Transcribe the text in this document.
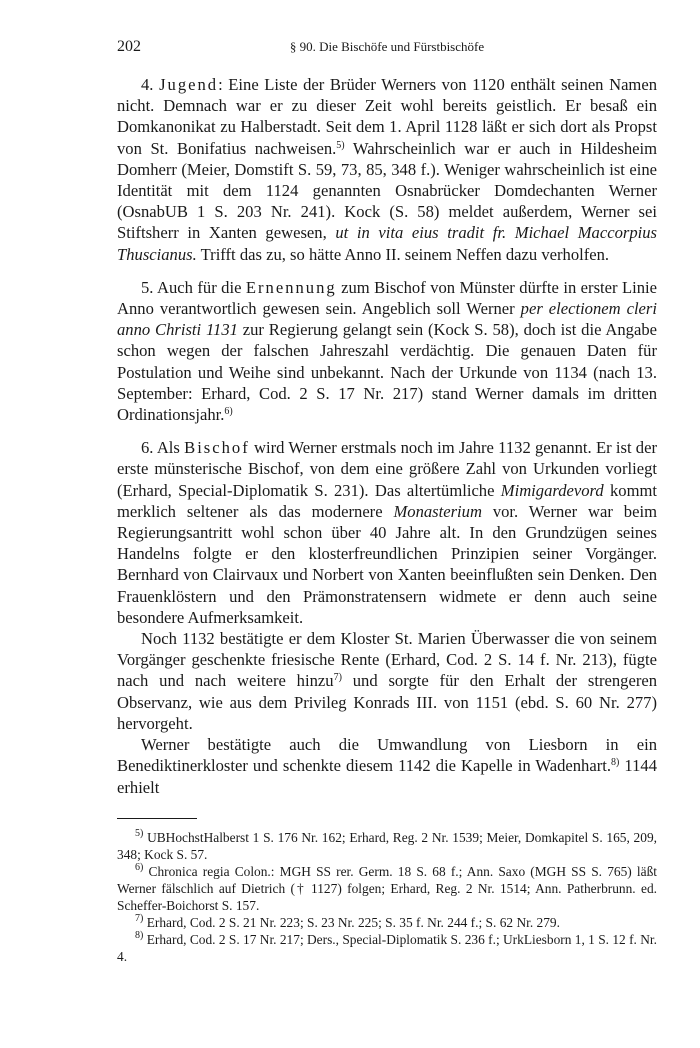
202	§ 90. Die Bischöfe und Fürstbischöfe

4. Jugend: Eine Liste der Brüder Werners von 1120 enthält seinen Namen nicht. Demnach war er zu dieser Zeit wohl bereits geistlich. Er besaß ein Domkanonikat zu Halberstadt. Seit dem 1. April 1128 läßt er sich dort als Propst von St. Bonifatius nachweisen.$^{5)}$ Wahrscheinlich war er auch in Hildesheim Domherr (Meier, Domstift S. 59, 73, 85, 348 f.). Weniger wahrscheinlich ist eine Identität mit dem 1124 genannten Osnabrücker Domdechanten Werner (OsnabUB 1 S. 203 Nr. 241). Kock (S. 58) meldet außerdem, Werner sei Stiftsherr in Xanten gewesen, ut in vita eius tradit fr. Michael Maccorpius Thuscianus. Trifft das zu, so hätte Anno II. seinem Neffen dazu verholfen.

5. Auch für die Ernennung zum Bischof von Münster dürfte in erster Linie Anno verantwortlich gewesen sein. Angeblich soll Werner per electionem cleri anno Christi 1131 zur Regierung gelangt sein (Kock S. 58), doch ist die Angabe schon wegen der falschen Jahreszahl verdächtig. Die genauen Daten für Postulation und Weihe sind unbekannt. Nach der Urkunde von 1134 (nach 13. September: Erhard, Cod. 2 S. 17 Nr. 217) stand Werner damals im dritten Ordinationsjahr.$^{6)}$

6. Als Bischof wird Werner erstmals noch im Jahre 1132 genannt. Er ist der erste münsterische Bischof, von dem eine größere Zahl von Urkunden vorliegt (Erhard, Special-Diplomatik S. 231). Das altertümliche Mimigardevord kommt merklich seltener als das modernere Monasterium vor. Werner war beim Regierungsantritt wohl schon über 40 Jahre alt. In den Grundzügen seines Handelns folgte er den klosterfreundlichen Prinzipien seiner Vorgänger. Bernhard von Clairvaux und Norbert von Xanten beeinflußten sein Denken. Den Frauenklöstern und den Prämonstratensern widmete er denn auch seine besondere Aufmerksamkeit.

Noch 1132 bestätigte er dem Kloster St. Marien Überwasser die von seinem Vorgänger geschenkte friesische Rente (Erhard, Cod. 2 S. 14 f. Nr. 213), fügte nach und nach weitere hinzu$^{7)}$ und sorgte für den Erhalt der strengeren Observanz, wie aus dem Privileg Konrads III. von 1151 (ebd. S. 60 Nr. 277) hervorgeht.

Werner bestätigte auch die Umwandlung von Liesborn in ein Benediktinerkloster und schenkte diesem 1142 die Kapelle in Wadenhart.$^{8)}$ 1144 erhielt

$^{5)}$ UBHochstHalberst 1 S. 176 Nr. 162; Erhard, Reg. 2 Nr. 1539; Meier, Domkapitel S. 165, 209, 348; Kock S. 57.

$^{6)}$ Chronica regia Colon.: MGH SS rer. Germ. 18 S. 68 f.; Ann. Saxo (MGH SS S. 765) läßt Werner fälschlich auf Dietrich († 1127) folgen; Erhard, Reg. 2 Nr. 1514; Ann. Patherbrunn. ed. Scheffer-Boichorst S. 157.

$^{7)}$ Erhard, Cod. 2 S. 21 Nr. 223; S. 23 Nr. 225; S. 35 f. Nr. 244 f.; S. 62 Nr. 279.

$^{8)}$ Erhard, Cod. 2 S. 17 Nr. 217; Ders., Special-Diplomatik S. 236 f.; UrkLiesborn 1, 1 S. 12 f. Nr. 4.
